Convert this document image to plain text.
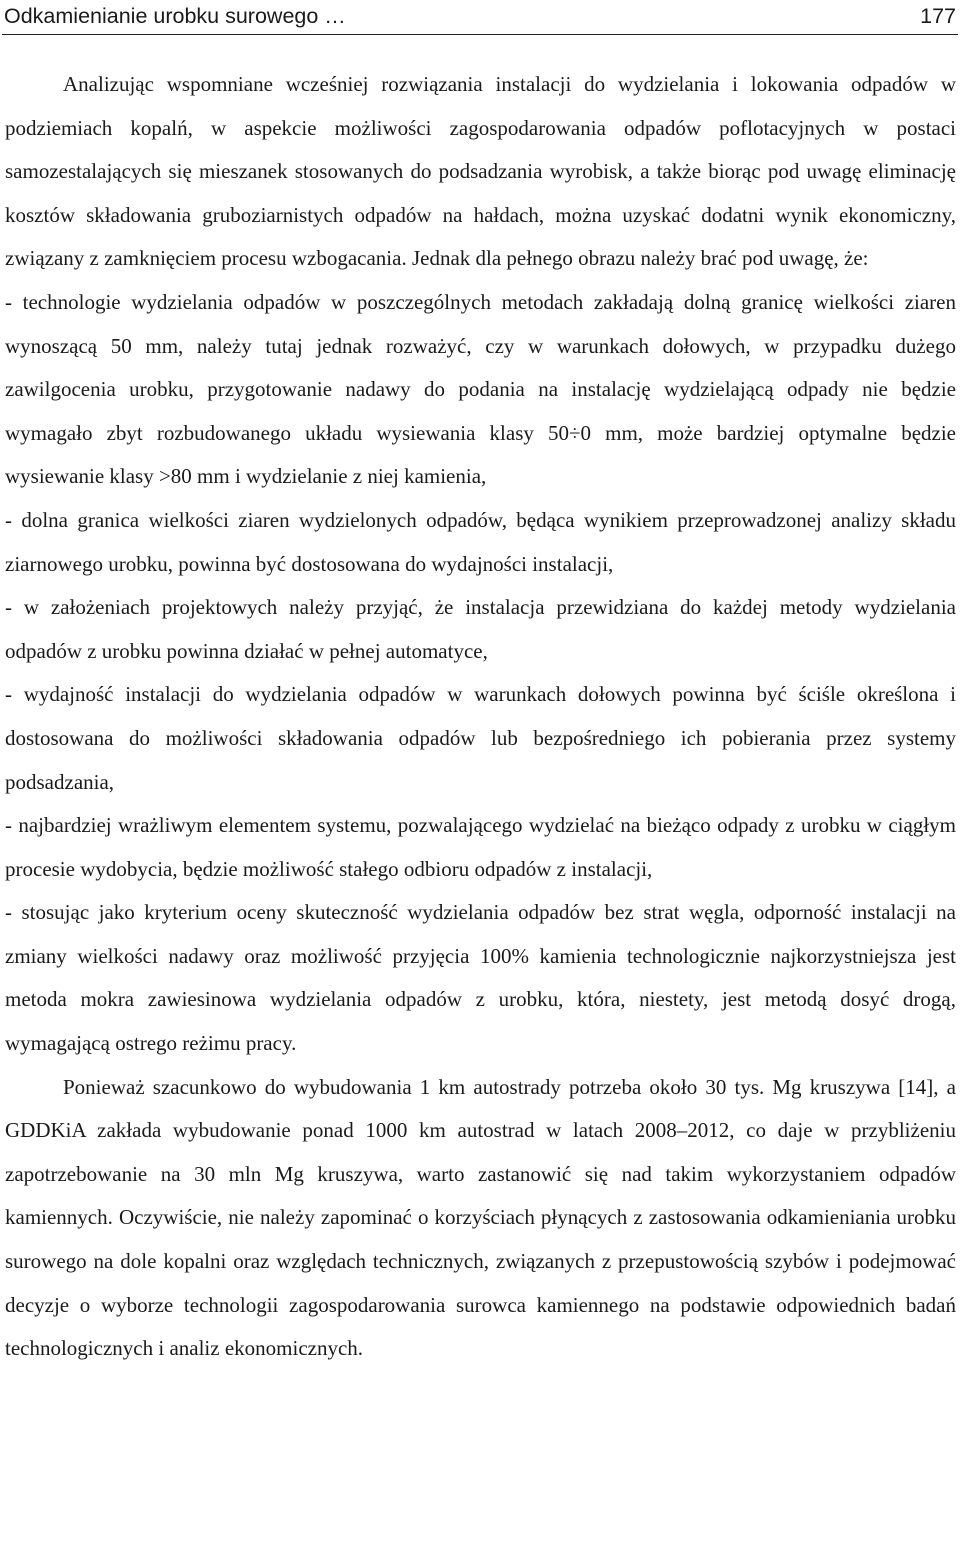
Odkamienianie urobku surowego …	177

Analizując wspomniane wcześniej rozwiązania instalacji do wydzielania i lokowania odpadów w podziemiach kopalń, w aspekcie możliwości zagospodarowania odpadów poflotacyjnych w postaci samozestalających się mieszanek stosowanych do podsadzania wyrobisk, a także biorąc pod uwagę eliminację kosztów składowania gruboziarnistych odpadów na hałdach, można uzyskać dodatni wynik ekonomiczny, związany z zamknięciem procesu wzbogacania. Jednak dla pełnego obrazu należy brać pod uwagę, że:

- technologie wydzielania odpadów w poszczególnych metodach zakładają dolną granicę wielkości ziaren wynoszącą 50 mm, należy tutaj jednak rozważyć, czy w warunkach dołowych, w przypadku dużego zawilgocenia urobku, przygotowanie nadawy do podania na instalację wydzielającą odpady nie będzie wymagało zbyt rozbudowanego układu wysiewania klasy 50÷0 mm, może bardziej optymalne będzie wysiewanie klasy >80 mm i wydzielanie z niej kamienia,

- dolna granica wielkości ziaren wydzielonych odpadów, będąca wynikiem przeprowadzonej analizy składu ziarnowego urobku, powinna być dostosowana do wydajności instalacji,

- w założeniach projektowych należy przyjąć, że instalacja przewidziana do każdej metody wydzielania odpadów z urobku powinna działać w pełnej automatyce,

- wydajność instalacji do wydzielania odpadów w warunkach dołowych powinna być ściśle określona i dostosowana do możliwości składowania odpadów lub bezpośredniego ich pobierania przez systemy podsadzania,

- najbardziej wrażliwym elementem systemu, pozwalającego wydzielać na bieżąco odpady z urobku w ciągłym procesie wydobycia, będzie możliwość stałego odbioru odpadów z instalacji,

- stosując jako kryterium oceny skuteczność wydzielania odpadów bez strat węgla, odporność instalacji na zmiany wielkości nadawy oraz możliwość przyjęcia 100% kamienia technologicznie najkorzystniejsza jest metoda mokra zawiesinowa wydzielania odpadów z urobku, która, niestety, jest metodą dosyć drogą, wymagającą ostrego reżimu pracy.

Ponieważ szacunkowo do wybudowania 1 km autostrady potrzeba około 30 tys. Mg kruszywa [14], a GDDKiA zakłada wybudowanie ponad 1000 km autostrad w latach 2008–2012, co daje w przybliżeniu zapotrzebowanie na 30 mln Mg kruszywa, warto zastanowić się nad takim wykorzystaniem odpadów kamiennych. Oczywiście, nie należy zapominać o korzyściach płynących z zastosowania odkamieniania urobku surowego na dole kopalni oraz względach technicznych, związanych z przepustowością szybów i podejmować decyzje o wyborze technologii zagospodarowania surowca kamiennego na podstawie odpowiednich badań technologicznych i analiz ekonomicznych.
